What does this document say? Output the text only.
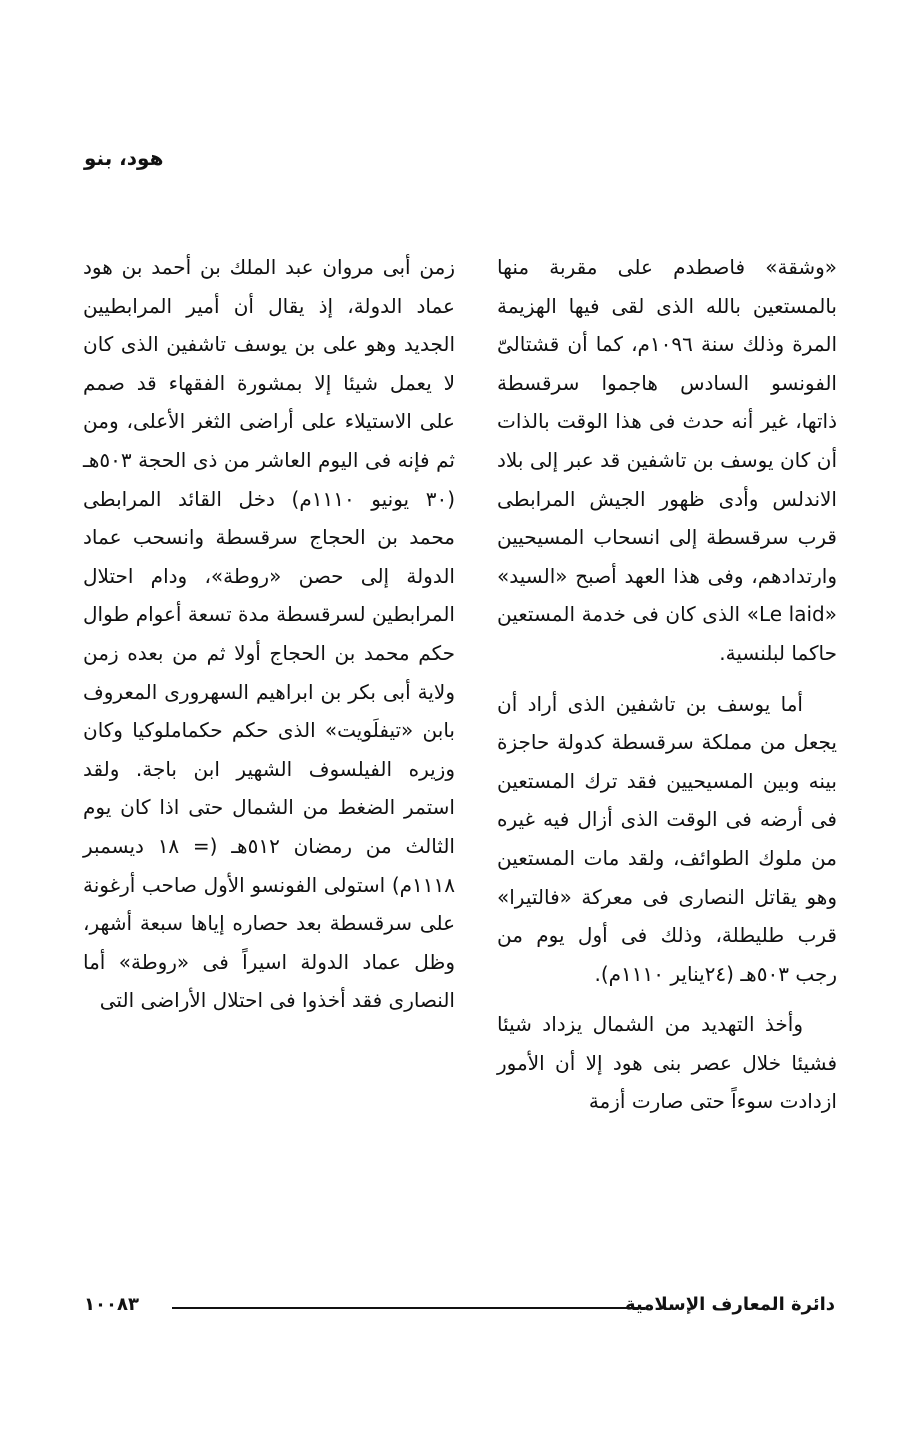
هود، بنو

«وشقة» فاصطدم على مقربة منها بالمستعين بالله الذى لقى فيها الهزيمة المرة وذلك سنة ١٠٩٦م، كما أن قشتالىّ الفونسو السادس هاجموا سرقسطة ذاتها، غير أنه حدث فى هذا الوقت بالذات أن كان يوسف بن تاشفين قد عبر إلى بلاد الاندلس وأدى ظهور الجيش المرابطى قرب سرقسطة إلى انسحاب المسيحيين وارتدادهم، وفى هذا العهد أصبح «السيد» «Le laid» الذى كان فى خدمة المستعين حاكما لبلنسية.

أما يوسف بن تاشفين الذى أراد أن يجعل من مملكة سرقسطة كدولة حاجزة بينه وبين المسيحيين فقد ترك المستعين فى أرضه فى الوقت الذى أزال فيه غيره من ملوك الطوائف، ولقد مات المستعين وهو يقاتل النصارى فى معركة «فالتيرا» قرب طليطلة، وذلك فى أول يوم من رجب ٥٠٣هـ (٢٤يناير ١١١٠م).

وأخذ التهديد من الشمال يزداد شيئا فشيئا خلال عصر بنى هود إلا أن الأمور ازدادت سوءاً حتى صارت أزمة

زمن أبى مروان عبد الملك بن أحمد بن هود عماد الدولة، إذ يقال أن أمير المرابطيين الجديد وهو على بن يوسف تاشفين الذى كان لا يعمل شيئا إلا بمشورة الفقهاء قد صمم على الاستيلاء على أراضى الثغر الأعلى، ومن ثم فإنه فى اليوم العاشر من ذى الحجة ٥٠٣هـ (٣٠ يونيو ١١١٠م) دخل القائد المرابطى محمد بن الحجاج سرقسطة وانسحب عماد الدولة إلى حصن «روطة»، ودام احتلال المرابطين لسرقسطة مدة تسعة أعوام طوال حكم محمد بن الحجاج أولا ثم من بعده زمن ولاية أبى بكر بن ابراهيم السهرورى المعروف بابن «تيفلَويت» الذى حكم حكماملوكيا وكان وزيره الفيلسوف الشهير ابن باجة. ولقد استمر الضغط من الشمال حتى اذا كان يوم الثالث من رمضان ٥١٢هـ (= ١٨ ديسمبر ١١١٨م) استولى الفونسو الأول صاحب أرغونة على سرقسطة بعد حصاره إياها سبعة أشهر، وظل عماد الدولة اسيراً فى «روطة» أما النصارى فقد أخذوا فى احتلال الأراضى التى

١٠٠٨٣	دائرة المعارف الإسلامية
